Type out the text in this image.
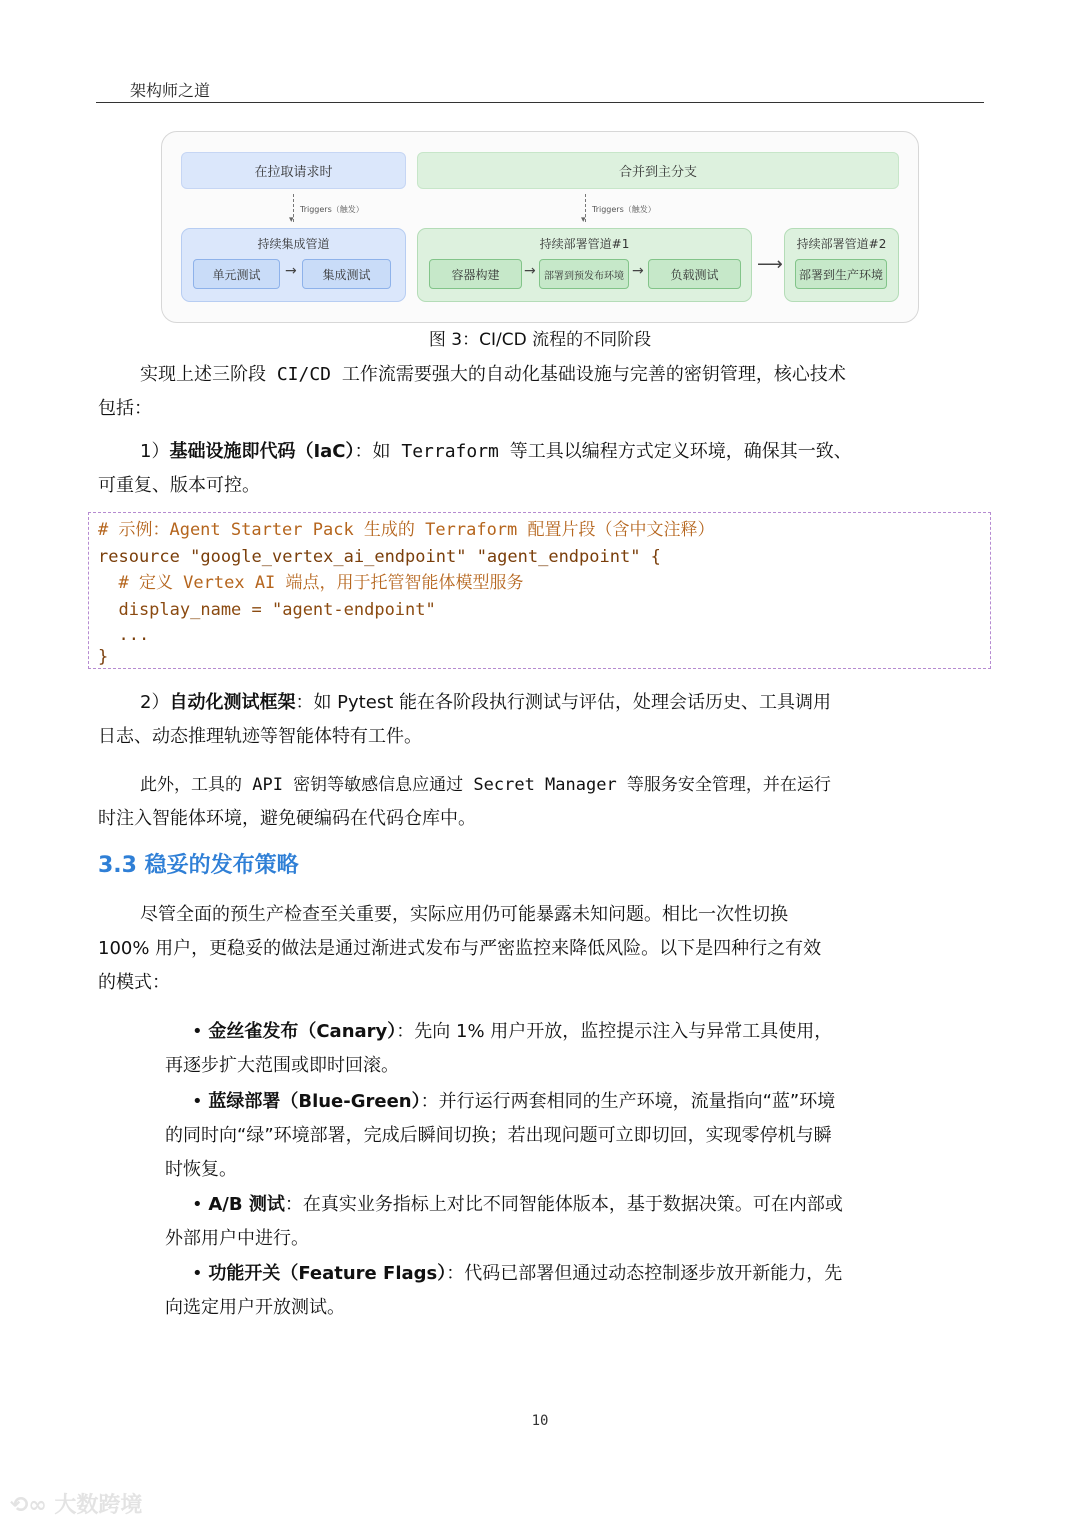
架构师之道
在拉取请求时	合并到主分支
▾
Triggers（触发）
▾
Triggers（触发）
持续集成管道
单元测试	→	集成测试
持续部署管道#1
容器构建	→ 部署到预发布环境 →	负载测试	⟶
持续部署管道#2
部署到生产环境
图 3：CI/CD 流程的不同阶段
实现上述三阶段 CI/CD 工作流需要强大的自动化基础设施与完善的密钥管理，核心技术
包括：
1）基础设施即代码（IaC）：如 Terraform 等工具以编程方式定义环境，确保其一致、
可重复、版本可控。
# 示例：Agent Starter Pack 生成的 Terraform 配置片段（含中文注释）
resource "google_vertex_ai_endpoint" "agent_endpoint" {
# 定义 Vertex AI 端点，用于托管智能体模型服务
display_name = "agent-endpoint"
...
}
2）自动化测试框架：如 Pytest 能在各阶段执行测试与评估，处理会话历史、工具调用
日志、动态推理轨迹等智能体特有工件。
此外，工具的 API 密钥等敏感信息应通过 Secret Manager 等服务安全管理，并在运行
时注入智能体环境，避免硬编码在代码仓库中。
3.3 稳妥的发布策略
尽管全面的预生产检查至关重要，实际应用仍可能暴露未知问题。相比一次性切换
100% 用户，更稳妥的做法是通过渐进式发布与严密监控来降低风险。以下是四种行之有效
的模式：
• 金丝雀发布（Canary）：先向 1% 用户开放，监控提示注入与异常工具使用，
再逐步扩大范围或即时回滚。
• 蓝绿部署（Blue-Green）：并行运行两套相同的生产环境，流量指向“蓝”环境
的同时向“绿”环境部署，完成后瞬间切换；若出现问题可立即切回，实现零停机与瞬
时恢复。
• A/B 测试：在真实业务指标上对比不同智能体版本，基于数据决策。可在内部或
外部用户中进行。
• 功能开关（Feature Flags）：代码已部署但通过动态控制逐步放开新能力，先
向选定用户开放测试。
10
⟲∞ 大数跨境
